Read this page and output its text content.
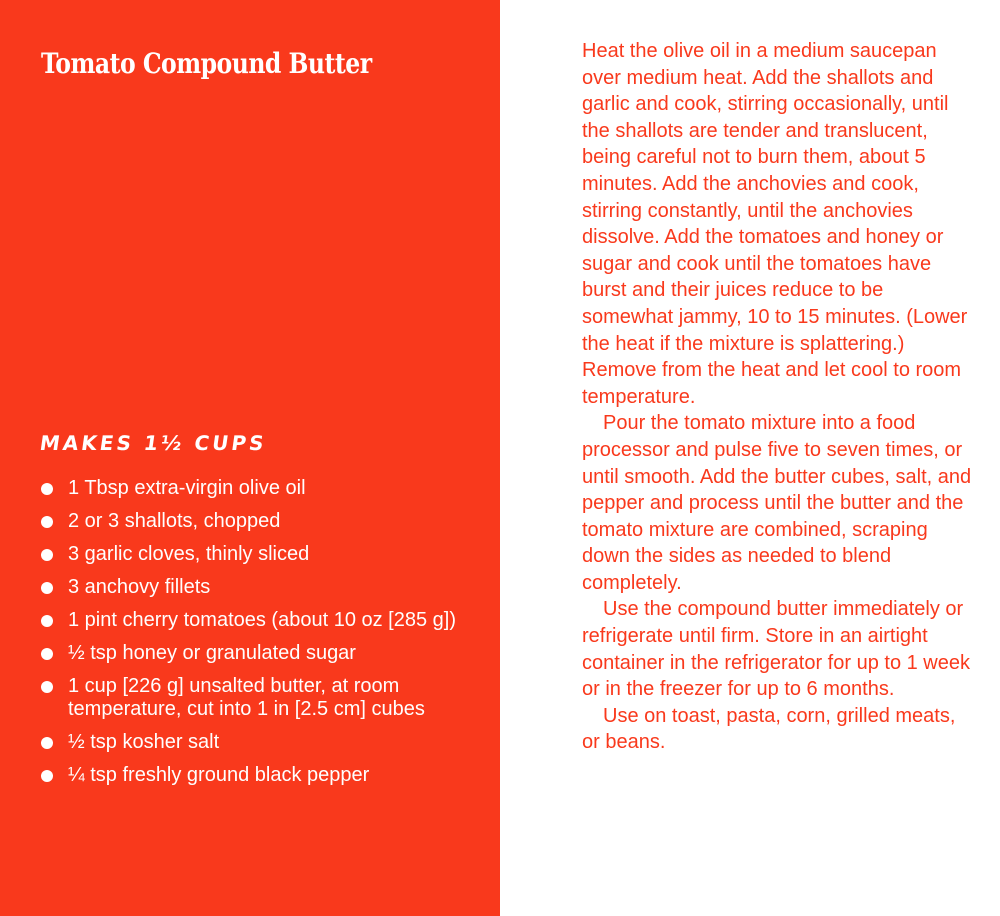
Tomato Compound Butter
MAKES 1½ CUPS
1 Tbsp extra-virgin olive oil
2 or 3 shallots, chopped
3 garlic cloves, thinly sliced
3 anchovy fillets
1 pint cherry tomatoes (about 10 oz [285 g])
½ tsp honey or granulated sugar
1 cup [226 g] unsalted butter, at room temperature, cut into 1 in [2.5 cm] cubes
½ tsp kosher salt
¼ tsp freshly ground black pepper

Heat the olive oil in a medium saucepan over medium heat. Add the shallots and garlic and cook, stirring occasionally, until the shallots are tender and translucent, being careful not to burn them, about 5 minutes. Add the anchovies and cook, stirring constantly, until the anchovies dissolve. Add the tomatoes and honey or sugar and cook until the tomatoes have burst and their juices reduce to be somewhat jammy, 10 to 15 minutes. (Lower the heat if the mixture is splattering.) Remove from the heat and let cool to room temperature.

Pour the tomato mixture into a food processor and pulse five to seven times, or until smooth. Add the butter cubes, salt, and pepper and process until the butter and the tomato mixture are combined, scraping down the sides as needed to blend completely.

Use the compound butter immediately or refrigerate until firm. Store in an airtight container in the refrigerator for up to 1 week or in the freezer for up to 6 months.

Use on toast, pasta, corn, grilled meats, or beans.
